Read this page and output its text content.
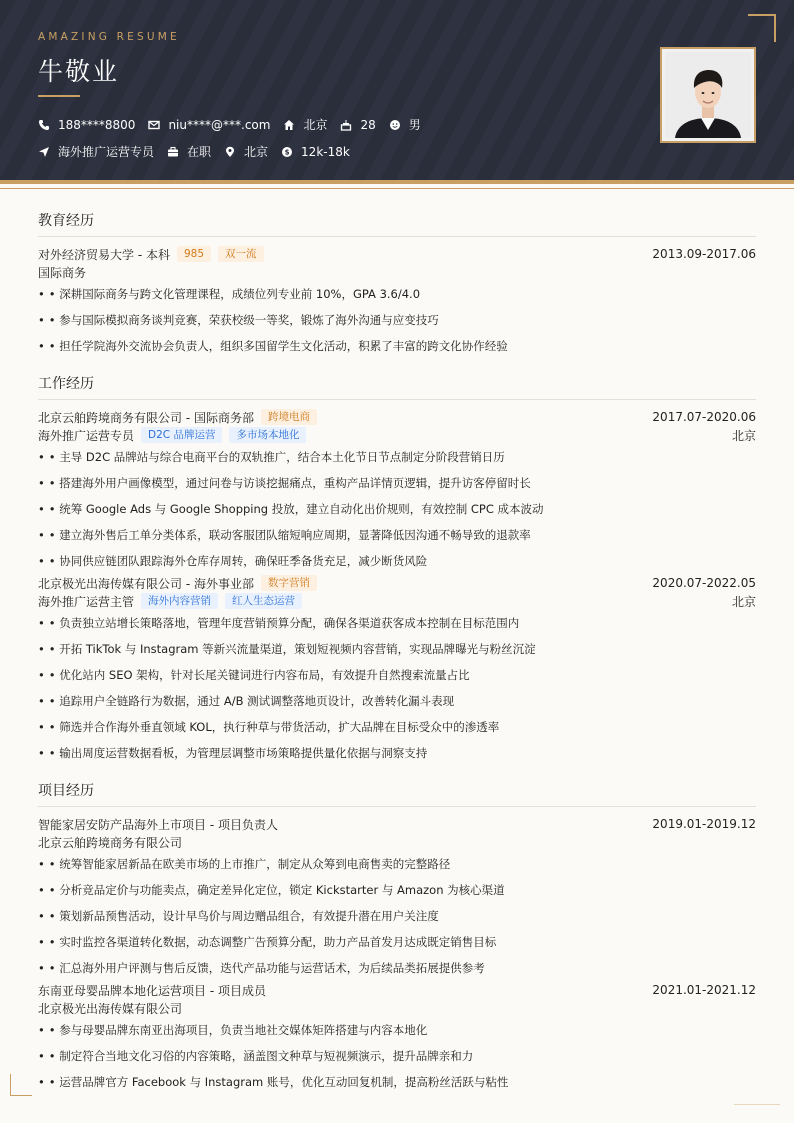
AMAZING RESUME
牛敬业
188****8800	niu****@***.com	北京	28	男
海外推广运营专员	在职	北京 $ 12k-18k
教育经历
对外经济贸易大学 - 本科	985	双一流	2013.09-2017.06
国际商务
• • 深耕国际商务与跨文化管理课程，成绩位列专业前 10%，GPA 3.6/4.0
• • 参与国际模拟商务谈判竞赛，荣获校级一等奖，锻炼了海外沟通与应变技巧
• • 担任学院海外交流协会负责人，组织多国留学生文化活动，积累了丰富的跨文化协作经验
工作经历
北京云舶跨境商务有限公司 - 国际商务部	跨境电商	2017.07-2020.06
海外推广运营专员	D2C 品牌运营	多市场本地化	北京
• • 主导 D2C 品牌站与综合电商平台的双轨推广，结合本土化节日节点制定分阶段营销日历
• • 搭建海外用户画像模型，通过问卷与访谈挖掘痛点，重构产品详情页逻辑，提升访客停留时长
• • 统筹 Google Ads 与 Google Shopping 投放，建立自动化出价规则，有效控制 CPC 成本波动
• • 建立海外售后工单分类体系，联动客服团队缩短响应周期，显著降低因沟通不畅导致的退款率
• • 协同供应链团队跟踪海外仓库存周转，确保旺季备货充足，减少断货风险
北京极光出海传媒有限公司 - 海外事业部	数字营销	2020.07-2022.05
海外推广运营主管	海外内容营销	红人生态运营	北京
• • 负责独立站增长策略落地，管理年度营销预算分配，确保各渠道获客成本控制在目标范围内
• • 开拓 TikTok 与 Instagram 等新兴流量渠道，策划短视频内容营销，实现品牌曝光与粉丝沉淀
• • 优化站内 SEO 架构，针对长尾关键词进行内容布局，有效提升自然搜索流量占比
• • 追踪用户全链路行为数据，通过 A/B 测试调整落地页设计，改善转化漏斗表现
• • 筛选并合作海外垂直领域 KOL，执行种草与带货活动，扩大品牌在目标受众中的渗透率
• • 输出周度运营数据看板，为管理层调整市场策略提供量化依据与洞察支持
项目经历
智能家居安防产品海外上市项目 - 项目负责人	2019.01-2019.12
北京云舶跨境商务有限公司
• • 统筹智能家居新品在欧美市场的上市推广，制定从众筹到电商售卖的完整路径
• • 分析竞品定价与功能卖点，确定差异化定位，锁定 Kickstarter 与 Amazon 为核心渠道
• • 策划新品预售活动，设计早鸟价与周边赠品组合，有效提升潜在用户关注度
• • 实时监控各渠道转化数据，动态调整广告预算分配，助力产品首发月达成既定销售目标
• • 汇总海外用户评测与售后反馈，迭代产品功能与运营话术，为后续品类拓展提供参考
东南亚母婴品牌本地化运营项目 - 项目成员	2021.01-2021.12
北京极光出海传媒有限公司
• • 参与母婴品牌东南亚出海项目，负责当地社交媒体矩阵搭建与内容本地化
• • 制定符合当地文化习俗的内容策略，涵盖图文种草与短视频演示，提升品牌亲和力
• • 运营品牌官方 Facebook 与 Instagram 账号，优化互动回复机制，提高粉丝活跃与粘性
